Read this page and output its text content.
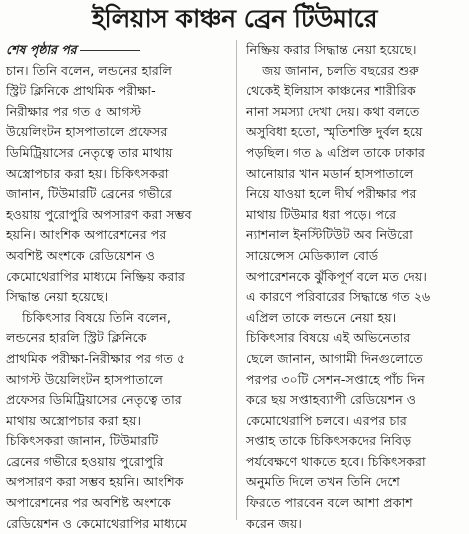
ইলিয়াস কাঞ্চন ব্রেন টিউমারে
শেষ পৃষ্ঠার পর
চান। তিনি বলেন, লন্ডনের হারলি
স্ট্রিট ক্লিনিকে প্রাথমিক পরীক্ষা-
নিরীক্ষার পর গত ৫ আগস্ট
উয়েলিংটন হাসপাতালে প্রফেসর
ডিমিট্রিয়াসের নেতৃত্বে তার মাথায়
অস্ত্রোপচার করা হয়। চিকিৎসকরা
জানান, টিউমারটি ব্রেনের গভীরে
হওয়ায় পুরোপুরি অপসারণ করা সম্ভব
হয়নি। আংশিক অপারেশনের পর
অবশিষ্ট অংশকে রেডিয়েশন ও
কেমোথেরাপির মাধ্যমে নিষ্ক্রিয় করার
সিদ্ধান্ত নেয়া হয়েছে।
চিকিৎসার বিষয়ে তিনি বলেন,
লন্ডনের হারলি স্ট্রিট ক্লিনিকে
প্রাথমিক পরীক্ষা-নিরীক্ষার পর গত ৫
আগস্ট উয়েলিংটন হাসপাতালে
প্রফেসর ডিমিট্রিয়াসের নেতৃত্বে তার
মাথায় অস্ত্রোপচার করা হয়।
চিকিৎসকরা জানান, টিউমারটি
ব্রেনের গভীরে হওয়ায় পুরোপুরি
অপসারণ করা সম্ভব হয়নি। আংশিক
অপারেশনের পর অবশিষ্ট অংশকে
রেডিয়েশন ও কেমোথেরাপির মাধ্যমে
নিষ্ক্রিয় করার সিদ্ধান্ত নেয়া হয়েছে।
জয় জানান, চলতি বছরের শুরু
থেকেই ইলিয়াস কাঞ্চনের শারীরিক
নানা সমস্যা দেখা দেয়। কথা বলতে
অসুবিধা হতো, স্মৃতিশক্তি দুর্বল হয়ে
পড়ছিল। গত ৯ এপ্রিল তাকে ঢাকার
আনোয়ার খান মডার্ন হাসপাতালে
নিয়ে যাওয়া হলে দীর্ঘ পরীক্ষার পর
মাথায় টিউমার ধরা পড়ে। পরে
ন্যাশনাল ইনস্টিটিউট অব নিউরো
সায়েন্সেস মেডিক্যাল বোর্ড
অপারেশনকে ঝুঁকিপূর্ণ বলে মত দেয়।
এ কারণে পরিবারের সিদ্ধান্তে গত ২৬
এপ্রিল তাকে লন্ডনে নেয়া হয়।
চিকিৎসার বিষয়ে এই অভিনেতার
ছেলে জানান, আগামী দিনগুলোতে
পরপর ৩০টি সেশন-সপ্তাহে পাঁচ দিন
করে ছয় সপ্তাহব্যাপী রেডিয়েশন ও
কেমোথেরাপি চলবে। এরপর চার
সপ্তাহ তাকে চিকিৎসকদের নিবিড়
পর্যবেক্ষণে থাকতে হবে। চিকিৎসকরা
অনুমতি দিলে তখন তিনি দেশে
ফিরতে পারবেন বলে আশা প্রকাশ
করেন জয়।
